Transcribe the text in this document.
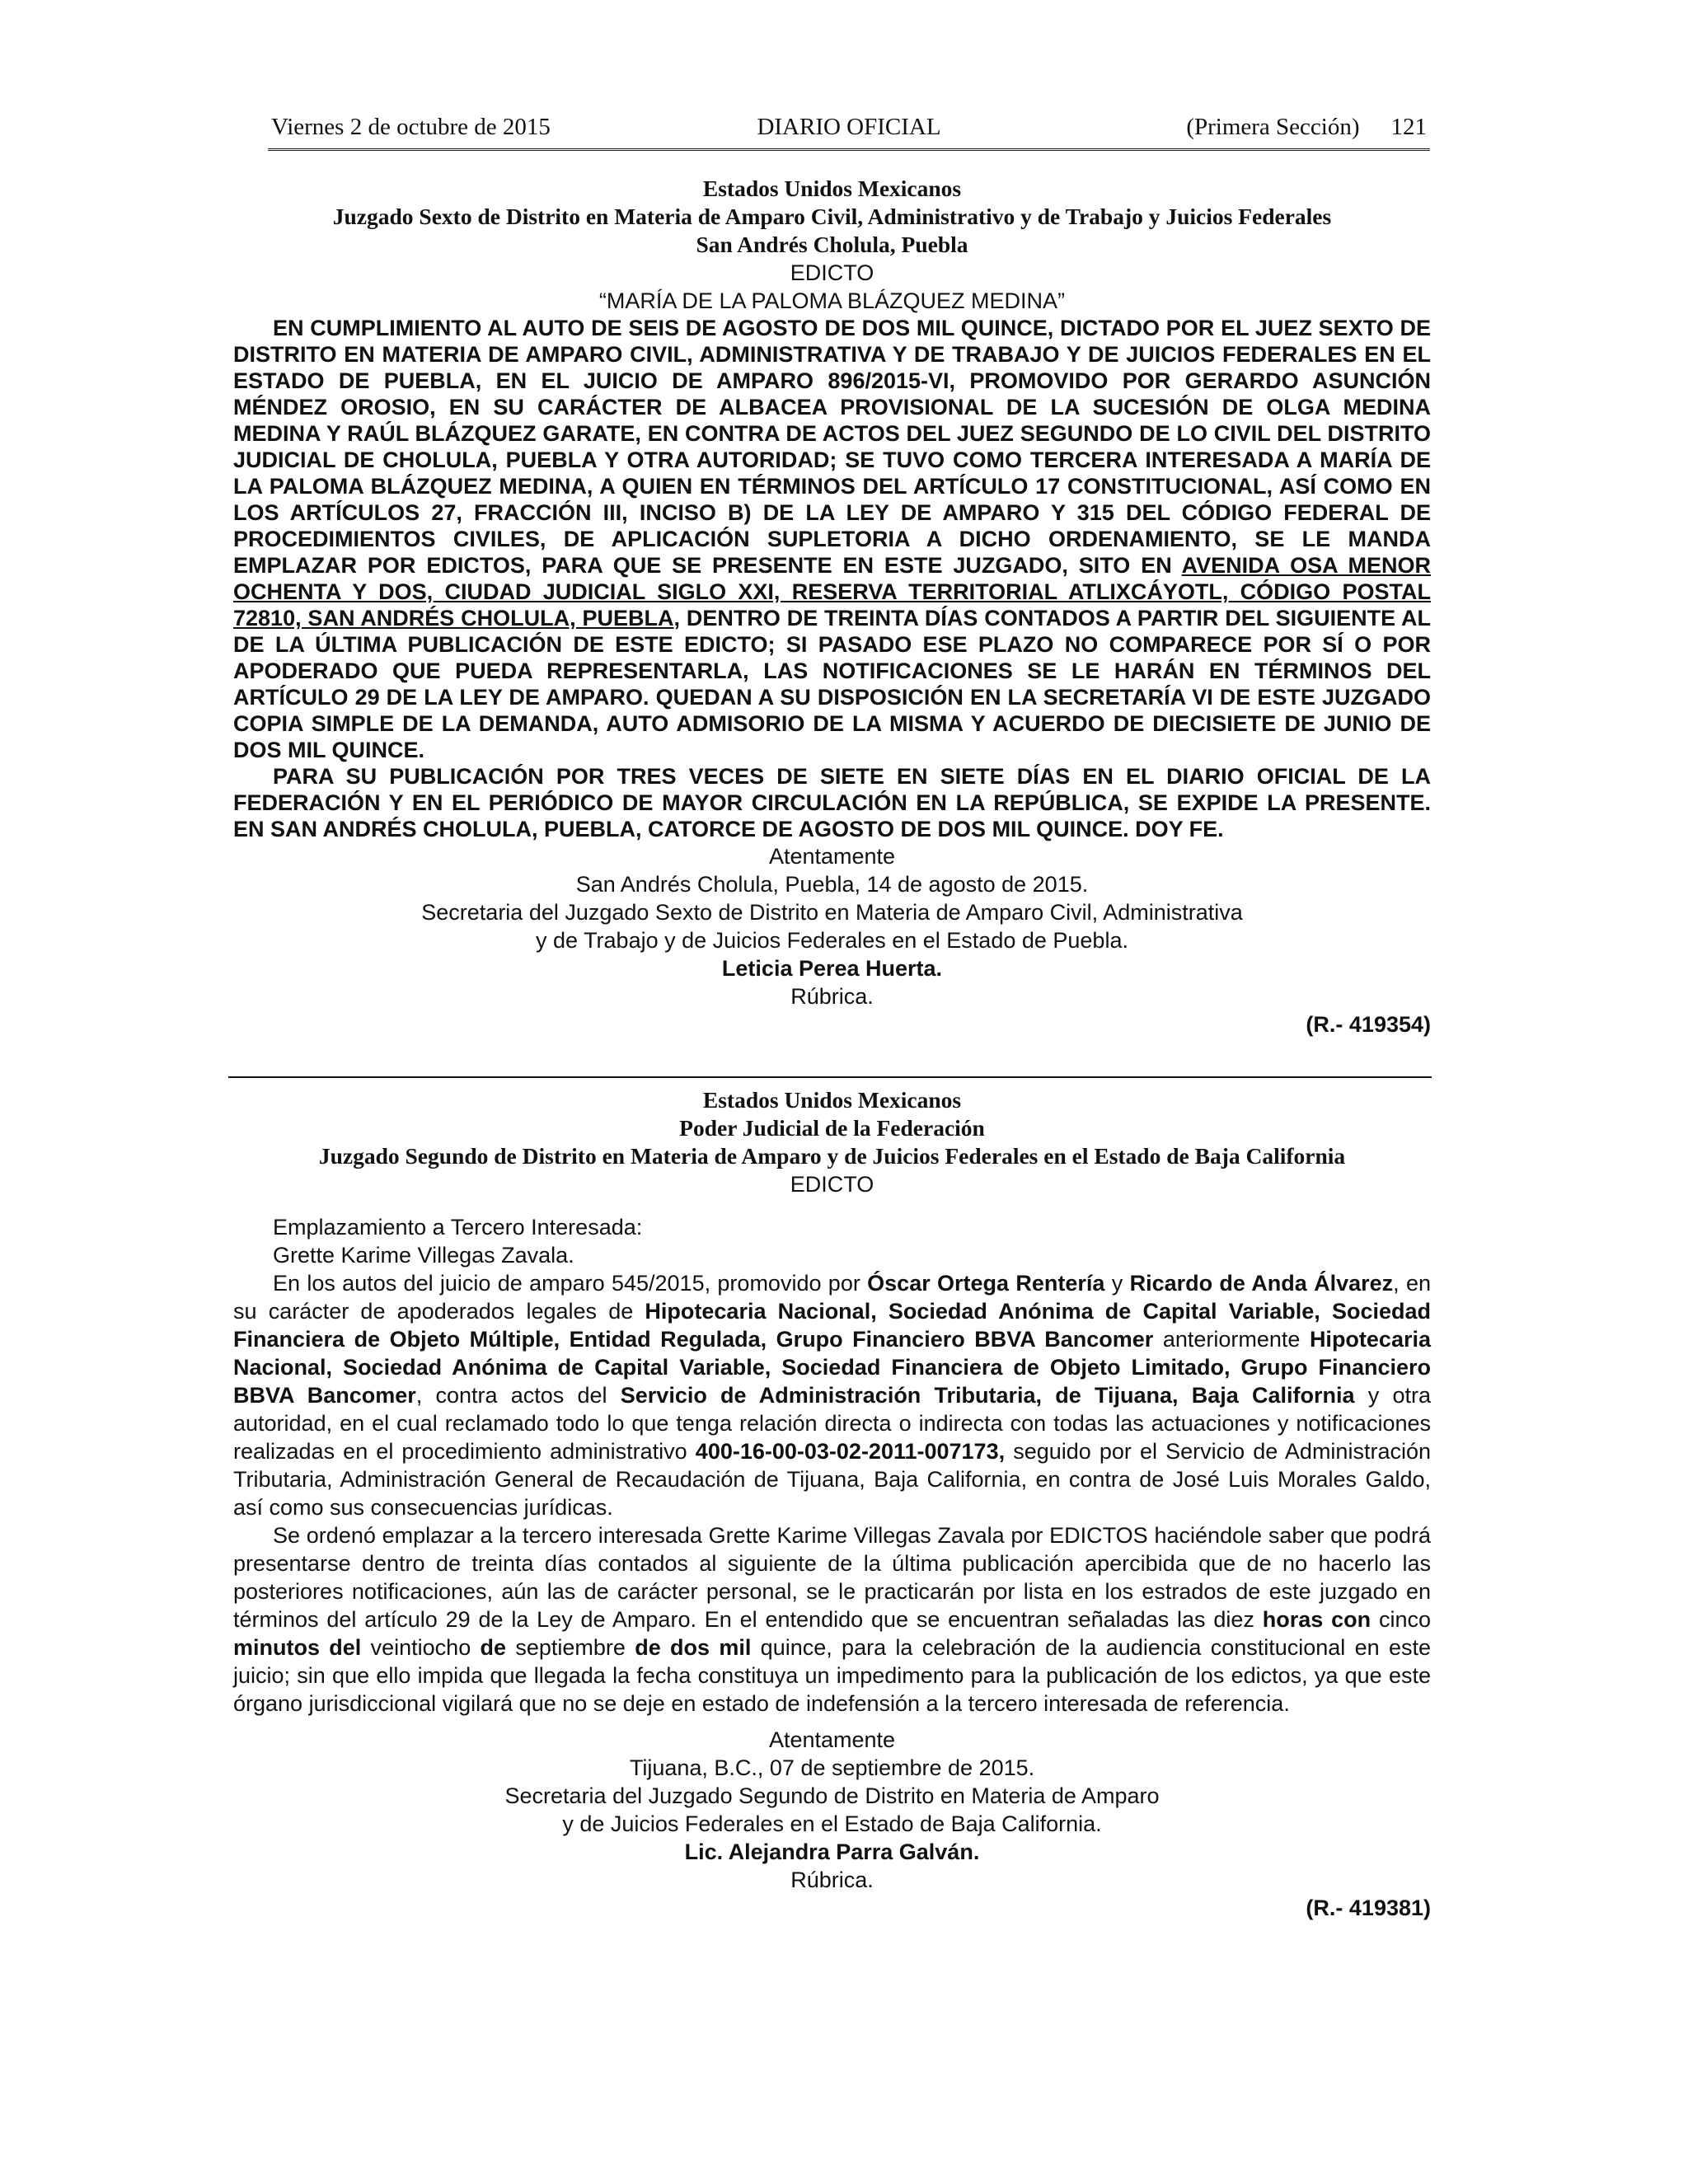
Viernes 2 de octubre de 2015	DIARIO OFICIAL	(Primera Sección) 121

Estados Unidos Mexicanos

Juzgado Sexto de Distrito en Materia de Amparo Civil, Administrativo y de Trabajo y Juicios Federales

San Andrés Cholula, Puebla

EDICTO

“MARÍA DE LA PALOMA BLÁZQUEZ MEDINA”

EN CUMPLIMIENTO AL AUTO DE SEIS DE AGOSTO DE DOS MIL QUINCE, DICTADO POR EL JUEZ SEXTO DE DISTRITO EN MATERIA DE AMPARO CIVIL, ADMINISTRATIVA Y DE TRABAJO Y DE JUICIOS FEDERALES EN EL ESTADO DE PUEBLA, EN EL JUICIO DE AMPARO 896/2015-VI, PROMOVIDO POR GERARDO ASUNCIÓN MÉNDEZ OROSIO, EN SU CARÁCTER DE ALBACEA PROVISIONAL DE LA SUCESIÓN DE OLGA MEDINA MEDINA Y RAÚL BLÁZQUEZ GARATE, EN CONTRA DE ACTOS DEL JUEZ SEGUNDO DE LO CIVIL DEL DISTRITO JUDICIAL DE CHOLULA, PUEBLA Y OTRA AUTORIDAD; SE TUVO COMO TERCERA INTERESADA A MARÍA DE LA PALOMA BLÁZQUEZ MEDINA, A QUIEN EN TÉRMINOS DEL ARTÍCULO 17 CONSTITUCIONAL, ASÍ COMO EN LOS ARTÍCULOS 27, FRACCIÓN III, INCISO B) DE LA LEY DE AMPARO Y 315 DEL CÓDIGO FEDERAL DE PROCEDIMIENTOS CIVILES, DE APLICACIÓN SUPLETORIA A DICHO ORDENAMIENTO, SE LE MANDA EMPLAZAR POR EDICTOS, PARA QUE SE PRESENTE EN ESTE JUZGADO, SITO EN AVENIDA OSA MENOR OCHENTA Y DOS, CIUDAD JUDICIAL SIGLO XXI, RESERVA TERRITORIAL ATLIXCÁYOTL, CÓDIGO POSTAL 72810, SAN ANDRÉS CHOLULA, PUEBLA, DENTRO DE TREINTA DÍAS CONTADOS A PARTIR DEL SIGUIENTE AL DE LA ÚLTIMA PUBLICACIÓN DE ESTE EDICTO; SI PASADO ESE PLAZO NO COMPARECE POR SÍ O POR APODERADO QUE PUEDA REPRESENTARLA, LAS NOTIFICACIONES SE LE HARÁN EN TÉRMINOS DEL ARTÍCULO 29 DE LA LEY DE AMPARO. QUEDAN A SU DISPOSICIÓN EN LA SECRETARÍA VI DE ESTE JUZGADO COPIA SIMPLE DE LA DEMANDA, AUTO ADMISORIO DE LA MISMA Y ACUERDO DE DIECISIETE DE JUNIO DE DOS MIL QUINCE.

PARA SU PUBLICACIÓN POR TRES VECES DE SIETE EN SIETE DÍAS EN EL DIARIO OFICIAL DE LA FEDERACIÓN Y EN EL PERIÓDICO DE MAYOR CIRCULACIÓN EN LA REPÚBLICA, SE EXPIDE LA PRESENTE. EN SAN ANDRÉS CHOLULA, PUEBLA, CATORCE DE AGOSTO DE DOS MIL QUINCE. DOY FE.

Atentamente

San Andrés Cholula, Puebla, 14 de agosto de 2015.

Secretaria del Juzgado Sexto de Distrito en Materia de Amparo Civil, Administrativa

y de Trabajo y de Juicios Federales en el Estado de Puebla.

Leticia Perea Huerta.

Rúbrica.

(R.- 419354)

Estados Unidos Mexicanos

Poder Judicial de la Federación

Juzgado Segundo de Distrito en Materia de Amparo y de Juicios Federales en el Estado de Baja California

EDICTO

Emplazamiento a Tercero Interesada:

Grette Karime Villegas Zavala.

En los autos del juicio de amparo 545/2015, promovido por Óscar Ortega Rentería y Ricardo de Anda Álvarez, en su carácter de apoderados legales de Hipotecaria Nacional, Sociedad Anónima de Capital Variable, Sociedad Financiera de Objeto Múltiple, Entidad Regulada, Grupo Financiero BBVA Bancomer anteriormente Hipotecaria Nacional, Sociedad Anónima de Capital Variable, Sociedad Financiera de Objeto Limitado, Grupo Financiero BBVA Bancomer, contra actos del Servicio de Administración Tributaria, de Tijuana, Baja California y otra autoridad, en el cual reclamado todo lo que tenga relación directa o indirecta con todas las actuaciones y notificaciones realizadas en el procedimiento administrativo 400-16-00-03-02-2011-007173, seguido por el Servicio de Administración Tributaria, Administración General de Recaudación de Tijuana, Baja California, en contra de José Luis Morales Galdo, así como sus consecuencias jurídicas.

Se ordenó emplazar a la tercero interesada Grette Karime Villegas Zavala por EDICTOS haciéndole saber que podrá presentarse dentro de treinta días contados al siguiente de la última publicación apercibida que de no hacerlo las posteriores notificaciones, aún las de carácter personal, se le practicarán por lista en los estrados de este juzgado en términos del artículo 29 de la Ley de Amparo. En el entendido que se encuentran señaladas las diez horas con cinco minutos del veintiocho de septiembre de dos mil quince, para la celebración de la audiencia constitucional en este juicio; sin que ello impida que llegada la fecha constituya un impedimento para la publicación de los edictos, ya que este órgano jurisdiccional vigilará que no se deje en estado de indefensión a la tercero interesada de referencia.

Atentamente

Tijuana, B.C., 07 de septiembre de 2015.

Secretaria del Juzgado Segundo de Distrito en Materia de Amparo

y de Juicios Federales en el Estado de Baja California.

Lic. Alejandra Parra Galván.

Rúbrica.

(R.- 419381)
